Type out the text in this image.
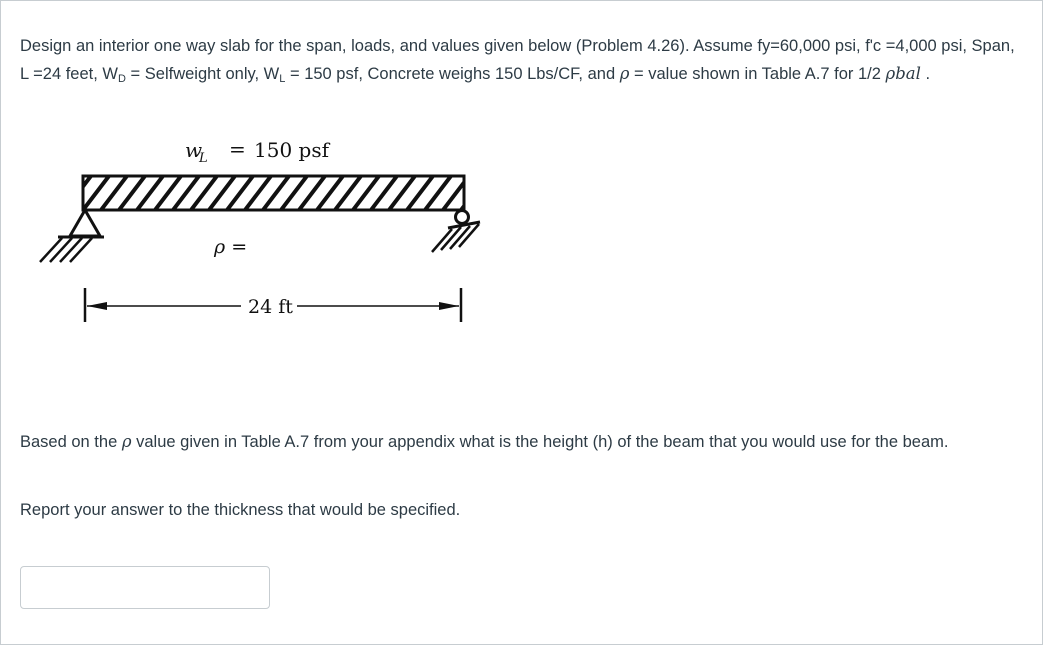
Design an interior one way slab for the span, loads, and values given below (Problem 4.26). Assume fy=60,000 psi, f'c =4,000 psi, Span, L =24 feet, $W_D$ = Selfweight only, $W_L = 150$ psf, Concrete weighs 150 Lbs/CF, and ρ = value shown in Table A.7 for 1/2 ρbal .
w
L = 150 psf
ρ =
24 ft
Based on the ρ value given in Table A.7 from your appendix what is the height (h) of the beam that you would use for the beam.
Report your answer to the thickness that would be specified.
